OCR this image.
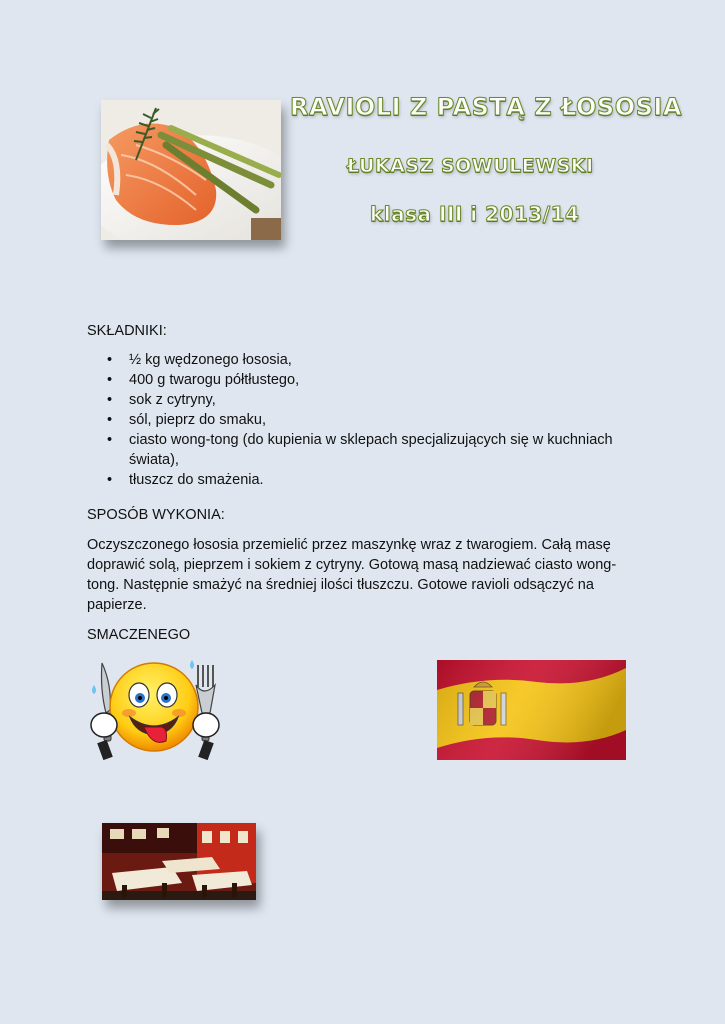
RAVIOLI Z PASTĄ Z ŁOSOSIA
ŁUKASZ SOWULEWSKI
klasa III i 2013/14
SKŁADNIKI:
• ½ kg wędzonego łososia,
• 400 g twarogu półtłustego,
• sok z cytryny,
• sól, pieprz do smaku,
• ciasto wong-tong (do kupienia w sklepach specjalizujących się w kuchniach świata),
• tłuszcz do smażenia.
SPOSÓB WYKONIA:
Oczyszczonego łososia przemielić przez maszynkę wraz z twarogiem. Całą masę doprawić solą, pieprzem i sokiem z cytryny. Gotową masą nadziewać ciasto wong-tong. Następnie smażyć na średniej ilości tłuszczu. Gotowe ravioli odsączyć na papierze.
SMACZENEGO
